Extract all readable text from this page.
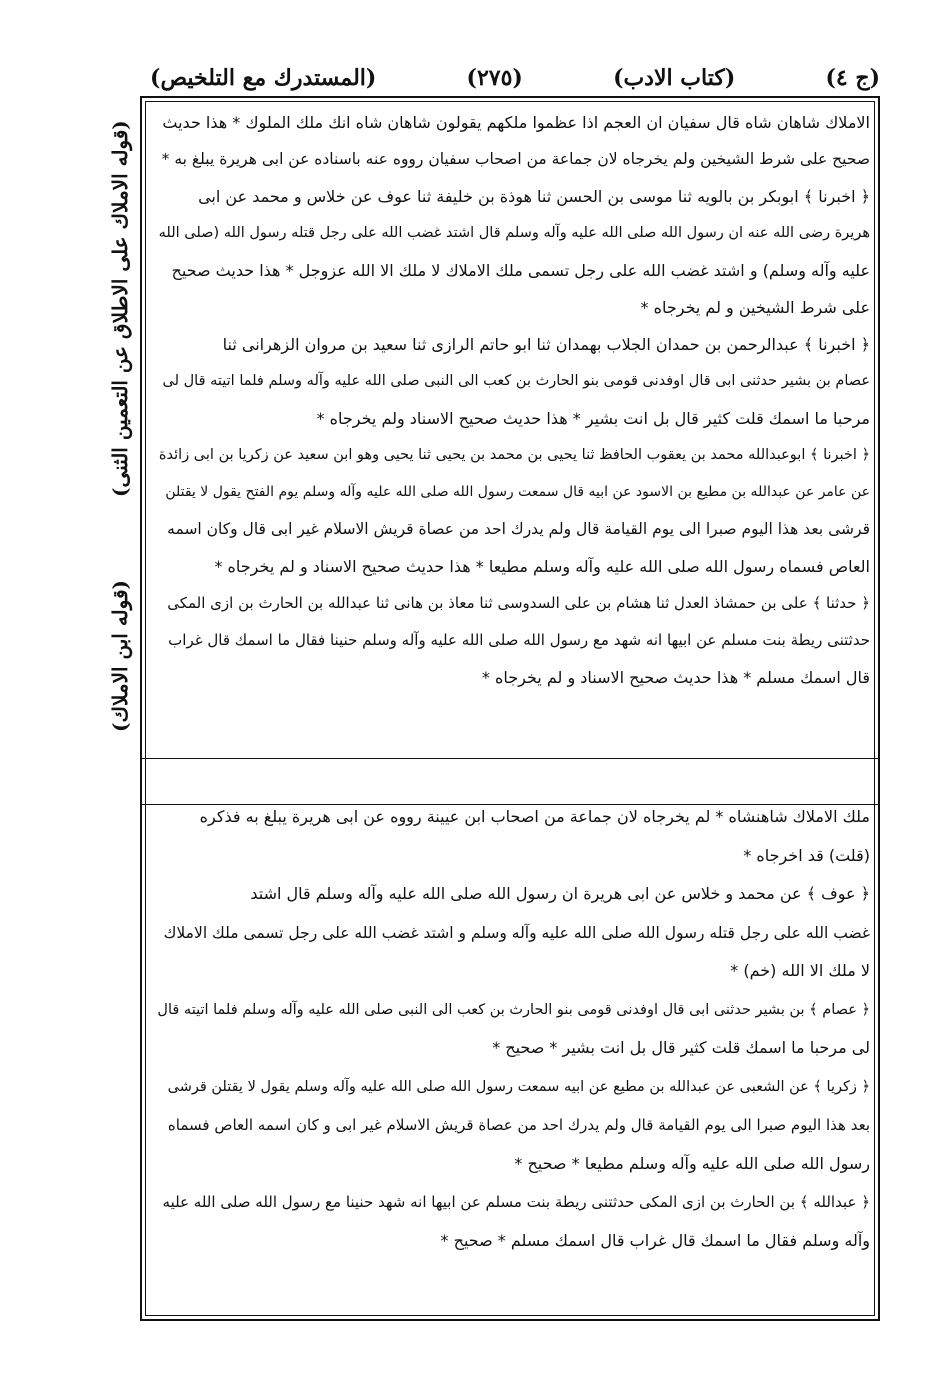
(المستدرك مع التلخيص)	(٢٧٥)	(كتاب الادب)	(ج ٤)
(قوله الاملاك علی الاطلاق عن التعمين الثنی)
(قوله ابن الاملاك)
الاملاك شاهان شاه قال سفيان ان العجم اذا عظموا ملكهم يقولون شاهان شاه انك ملك الملوك * هذا حديث
صحيح على شرط الشيخين ولم يخرجاه لان جماعة من اصحاب سفيان رووه عنه باسناده عن ابى هريرة يبلغ به *
﴿ اخبرنا ﴾ ابوبكر بن بالويه ثنا موسى بن الحسن ثنا هوذة بن خليفة ثنا عوف عن خلاس و محمد عن ابى
هريرة رضى الله عنه ان رسول الله صلى الله عليه وآله وسلم قال اشتد غضب الله على رجل قتله رسول الله (صلى الله
عليه وآله وسلم) و اشتد غضب الله على رجل تسمى ملك الاملاك لا ملك الا الله عزوجل * هذا حديث صحيح
على شرط الشيخين و لم يخرجاه *
﴿ اخبرنا ﴾ عبدالرحمن بن حمدان الجلاب بهمدان ثنا ابو حاتم الرازى ثنا سعيد بن مروان الزهرانى ثنا
عصام بن بشير حدثنى ابى قال اوفدنى قومى بنو الحارث بن كعب الى النبى صلى الله عليه وآله وسلم فلما اتيته قال لى
مرحبا ما اسمك قلت كثير قال بل انت بشير * هذا حديث صحيح الاسناد ولم يخرجاه *
﴿ اخبرنا ﴾ ابوعبدالله محمد بن يعقوب الحافظ ثنا يحيى بن محمد بن يحيى ثنا يحيى وهو ابن سعيد عن زكريا بن ابى زائدة
عن عامر عن عبدالله بن مطيع بن الاسود عن ابيه قال سمعت رسول الله صلى الله عليه وآله وسلم يوم الفتح يقول لا يقتلن
قرشى بعد هذا اليوم صبرا الى يوم القيامة قال ولم يدرك احد من عصاة قريش الاسلام غير ابى قال وكان اسمه
العاص فسماه رسول الله صلى الله عليه وآله وسلم مطيعا * هذا حديث صحيح الاسناد و لم يخرجاه *
﴿ حدثنا ﴾ على بن حمشاذ العدل ثنا هشام بن على السدوسى ثنا معاذ بن هانى ثنا عبدالله بن الحارث بن ازى المكى
حدثتنى ريطة بنت مسلم عن ابيها انه شهد مع رسول الله صلى الله عليه وآله وسلم حنينا فقال ما اسمك قال غراب
قال اسمك مسلم * هذا حديث صحيح الاسناد و لم يخرجاه *
ملك الاملاك شاهنشاه * لم يخرجاه لان جماعة من اصحاب ابن عيينة رووه عن ابى هريرة يبلغ به فذكره
(قلت) قد اخرجاه *
﴿ عوف ﴾ عن محمد و خلاس عن ابى هريرة ان رسول الله صلى الله عليه وآله وسلم قال اشتد
غضب الله على رجل قتله رسول الله صلى الله عليه وآله وسلم و اشتد غضب الله على رجل تسمى ملك الاملاك
لا ملك الا الله (خم) *
﴿ عصام ﴾ بن بشير حدثنى ابى قال اوفدنى قومى بنو الحارث بن كعب الى النبى صلى الله عليه وآله وسلم فلما اتيته قال
لى مرحبا ما اسمك قلت كثير قال بل انت بشير * صحيح *
﴿ زكريا ﴾ عن الشعبى عن عبدالله بن مطيع عن ابيه سمعت رسول الله صلى الله عليه وآله وسلم يقول لا يقتلن قرشى
بعد هذا اليوم صبرا الى يوم القيامة قال ولم يدرك احد من عصاة قريش الاسلام غير ابى و كان اسمه العاص فسماه
رسول الله صلى الله عليه وآله وسلم مطيعا * صحيح *
﴿ عبدالله ﴾ بن الحارث بن ازى المكى حدثتنى ريطة بنت مسلم عن ابيها انه شهد حنينا مع رسول الله صلى الله عليه
وآله وسلم فقال ما اسمك قال غراب قال اسمك مسلم * صحيح *
